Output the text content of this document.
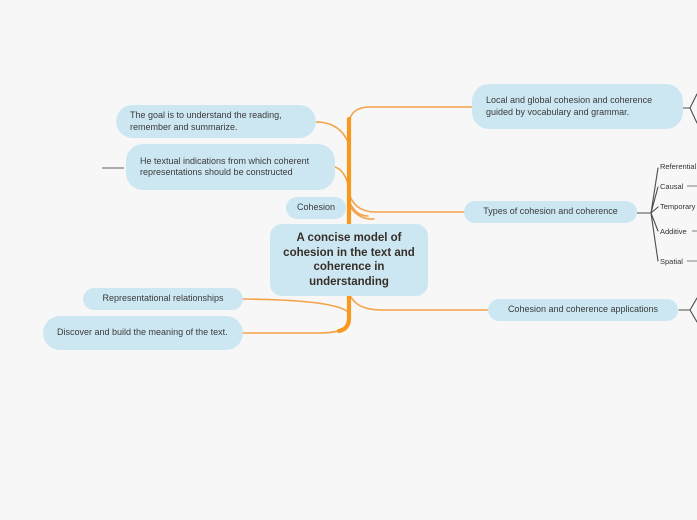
The goal is to understand the reading, remember and summarize.
He textual indications from which coherent representations should be constructed
Cohesion
Local and global cohesion and coherence guided by vocabulary and grammar.
Types of cohesion and coherence
A concise model of cohesion in the text and coherence in understanding
Representational relationships
Discover and build the meaning of the text.
Cohesion and coherence applications
Referential
Causal
Temporary
Additive
Spatial
